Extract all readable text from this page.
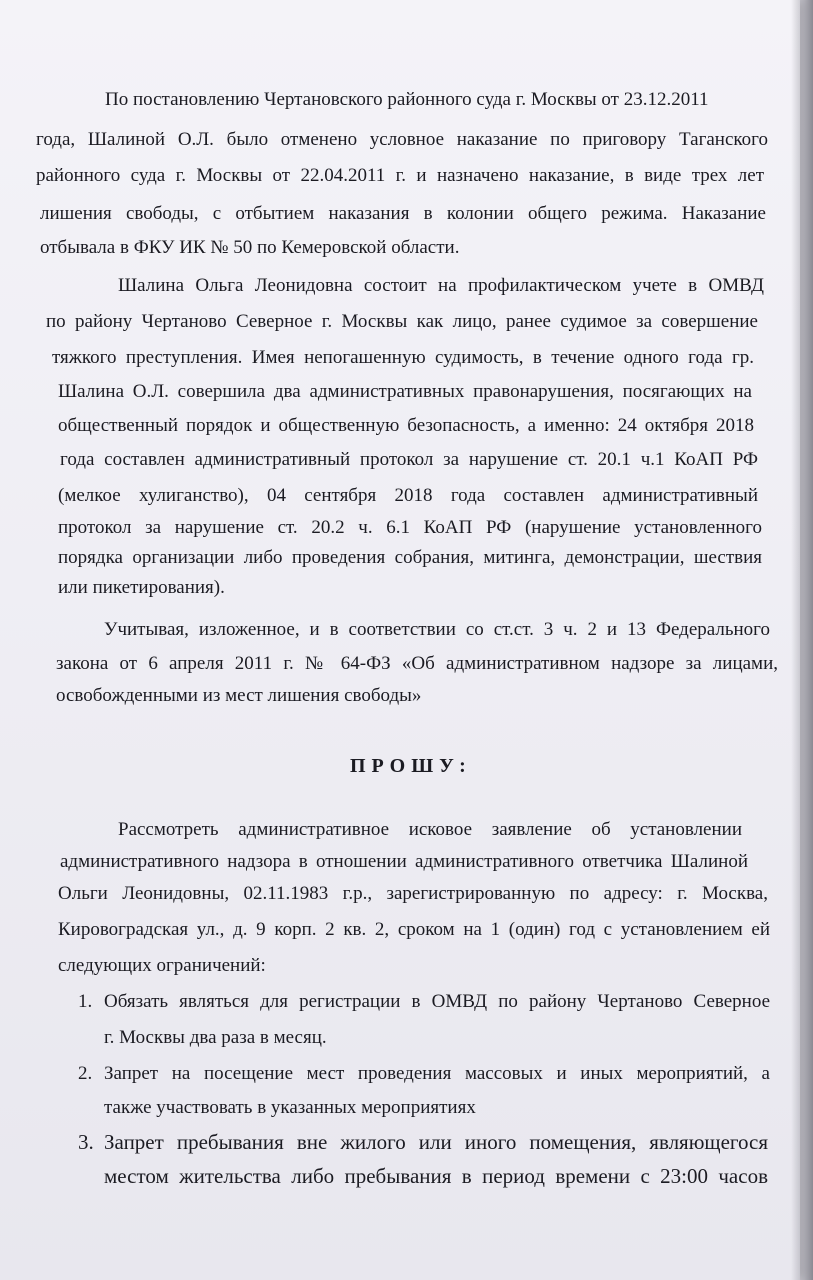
По постановлению Чертановского районного суда г. Москвы от 23.12.2011
года, Шалиной О.Л. было отменено условное наказание по приговору Таганского
районного суда г. Москвы от 22.04.2011 г. и назначено наказание, в виде трех лет
лишения свободы, с отбытием наказания в колонии общего режима. Наказание
отбывала в ФКУ ИК № 50 по Кемеровской области.
Шалина Ольга Леонидовна состоит на профилактическом учете в ОМВД
по району Чертаново Северное г. Москвы как лицо, ранее судимое за совершение
тяжкого преступления. Имея непогашенную судимость, в течение одного года гр.
Шалина О.Л. совершила два административных правонарушения, посягающих на
общественный порядок и общественную безопасность, а именно: 24 октября 2018
года составлен административный протокол за нарушение ст. 20.1 ч.1 КоАП РФ
(мелкое хулиганство), 04 сентября 2018 года составлен административный
протокол за нарушение ст. 20.2 ч. 6.1 КоАП РФ (нарушение установленного
порядка организации либо проведения собрания, митинга, демонстрации, шествия
или пикетирования).
Учитывая, изложенное, и в соответствии со ст.ст. 3 ч. 2 и 13 Федерального
закона от 6 апреля 2011 г. № 64-ФЗ «Об административном надзоре за лицами,
освобожденными из мест лишения свободы»
ПРОШУ:
Рассмотреть административное исковое заявление об установлении
административного надзора в отношении административного ответчика Шалиной
Ольги Леонидовны, 02.11.1983 г.р., зарегистрированную по адресу: г. Москва,
Кировоградская ул., д. 9 корп. 2 кв. 2, сроком на 1 (один) год с установлением ей
следующих ограничений:
1. Обязать являться для регистрации в ОМВД по району Чертаново Северное
г. Москвы два раза в месяц.
2. Запрет на посещение мест проведения массовых и иных мероприятий, а
также участвовать в указанных мероприятиях
3. Запрет пребывания вне жилого или иного помещения, являющегося
местом жительства либо пребывания в период времени с 23:00 часов
